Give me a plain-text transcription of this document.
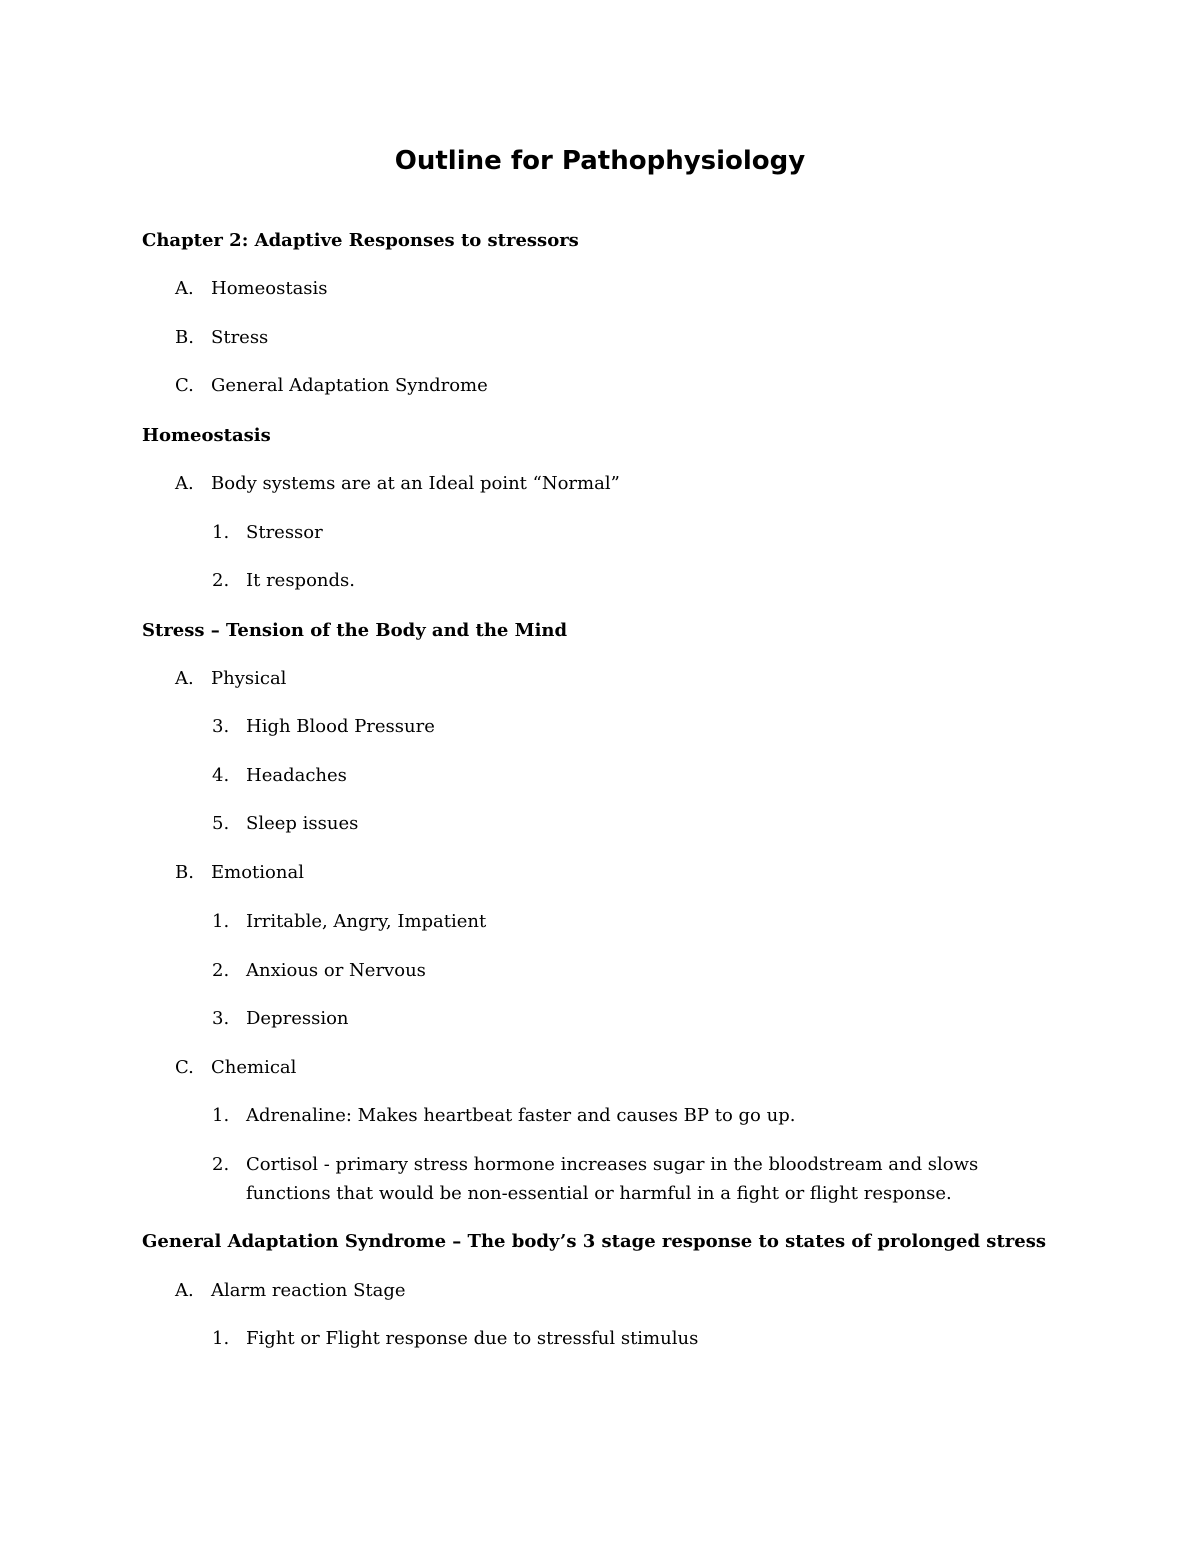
Outline for Pathophysiology
Chapter 2: Adaptive Responses to stressors
A. Homeostasis
B. Stress
C. General Adaptation Syndrome
Homeostasis
A. Body systems are at an Ideal point “Normal”
1. Stressor
2. It responds.
Stress – Tension of the Body and the Mind
A. Physical
3. High Blood Pressure
4. Headaches
5. Sleep issues
B. Emotional
1. Irritable, Angry, Impatient
2. Anxious or Nervous
3. Depression
C. Chemical
1. Adrenaline: Makes heartbeat faster and causes BP to go up.
2. Cortisol - primary stress hormone increases sugar in the bloodstream and slows functions that would be non-essential or harmful in a fight or flight response.
General Adaptation Syndrome – The body’s 3 stage response to states of prolonged stress
A. Alarm reaction Stage
1. Fight or Flight response due to stressful stimulus
